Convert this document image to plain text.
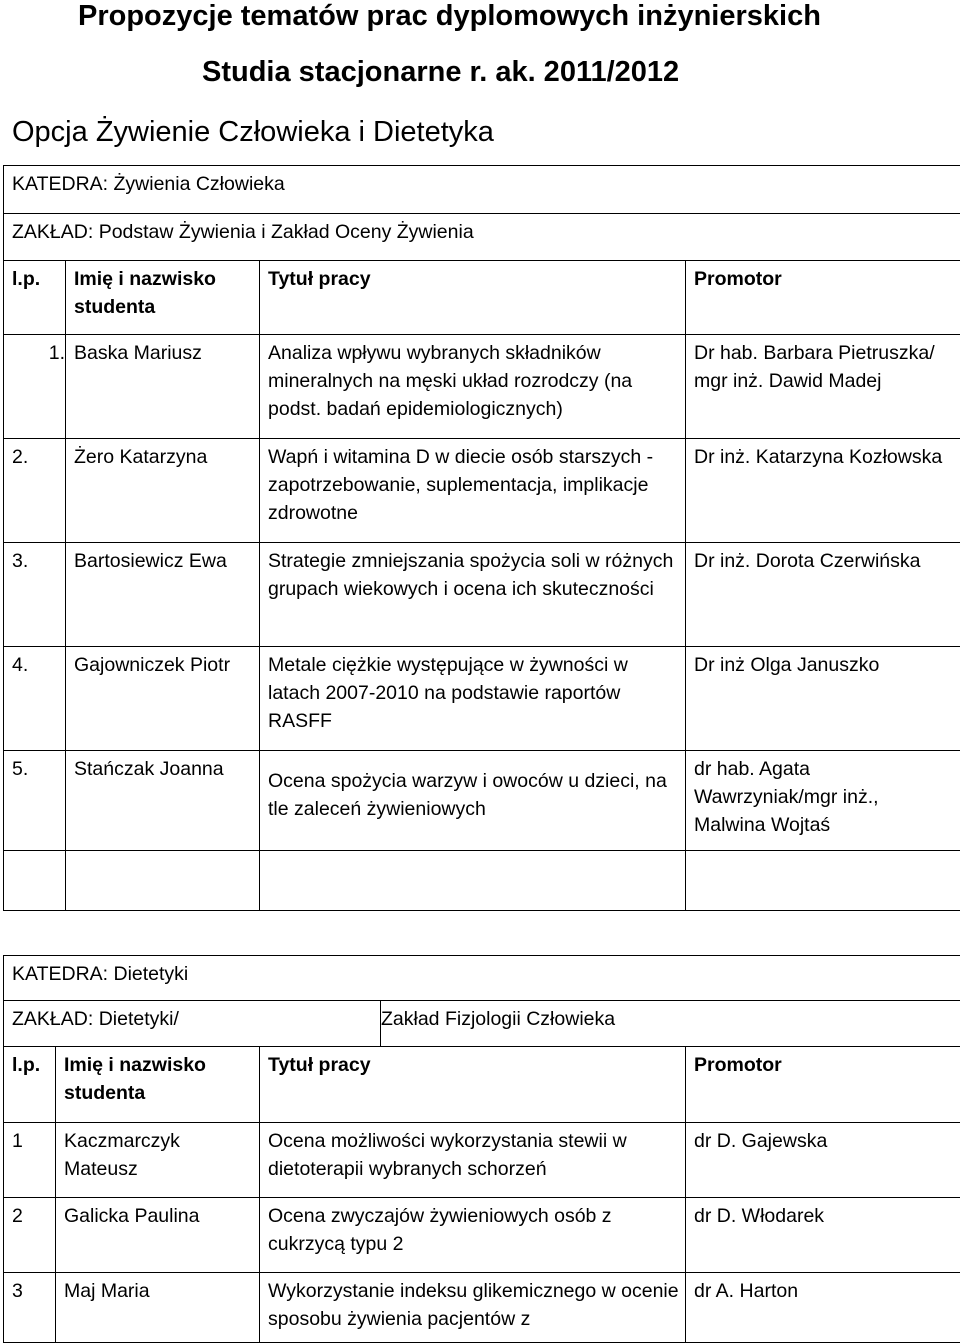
Propozycje tematów prac dyplomowych inżynierskich
Studia stacjonarne r. ak. 2011/2012
Opcja Żywienie Człowieka i Dietetyka
KATEDRA: Żywienia Człowieka			
ZAKŁAD: Podstaw Żywienia i Zakład Oceny Żywienia			
l.p.	Imię i nazwisko studenta	Tytuł pracy	Promotor
1.	Baska Mariusz	Analiza wpływu wybranych składników mineralnych na męski układ rozrodczy (na podst. badań epidemiologicznych)	Dr hab. Barbara Pietruszka/ mgr inż. Dawid Madej
2.	Żero Katarzyna	Wapń i witamina D w diecie osób starszych - zapotrzebowanie, suplementacja, implikacje zdrowotne	Dr inż. Katarzyna Kozłowska
3.	Bartosiewicz Ewa	Strategie zmniejszania spożycia soli w różnych grupach wiekowych i ocena ich skuteczności	Dr inż. Dorota Czerwińska
4.	Gajowniczek Piotr	Metale ciężkie występujące w żywności w latach 2007-2010 na podstawie raportów RASFF	Dr inż Olga Januszko
5.	Stańczak Joanna	Ocena spożycia warzyw i owoców u dzieci, na tle zaleceń żywieniowych	dr hab. Agata Wawrzyniak/mgr inż., Malwina Wojtaś

KATEDRA: Dietetyki				
ZAKŁAD: Dietetyki/			Zakład Fizjologii Człowieka	
l.p.	Imię i nazwisko studenta	Tytuł pracy		Promotor
1	Kaczmarczyk Mateusz	Ocena możliwości wykorzystania stewii w dietoterapii wybranych schorzeń		dr D. Gajewska
2	Galicka Paulina	Ocena zwyczajów żywieniowych osób z cukrzycą typu 2		dr D. Włodarek
3	Maj Maria	Wykorzystanie indeksu glikemicznego w ocenie sposobu żywienia pacjentów z		dr A. Harton
